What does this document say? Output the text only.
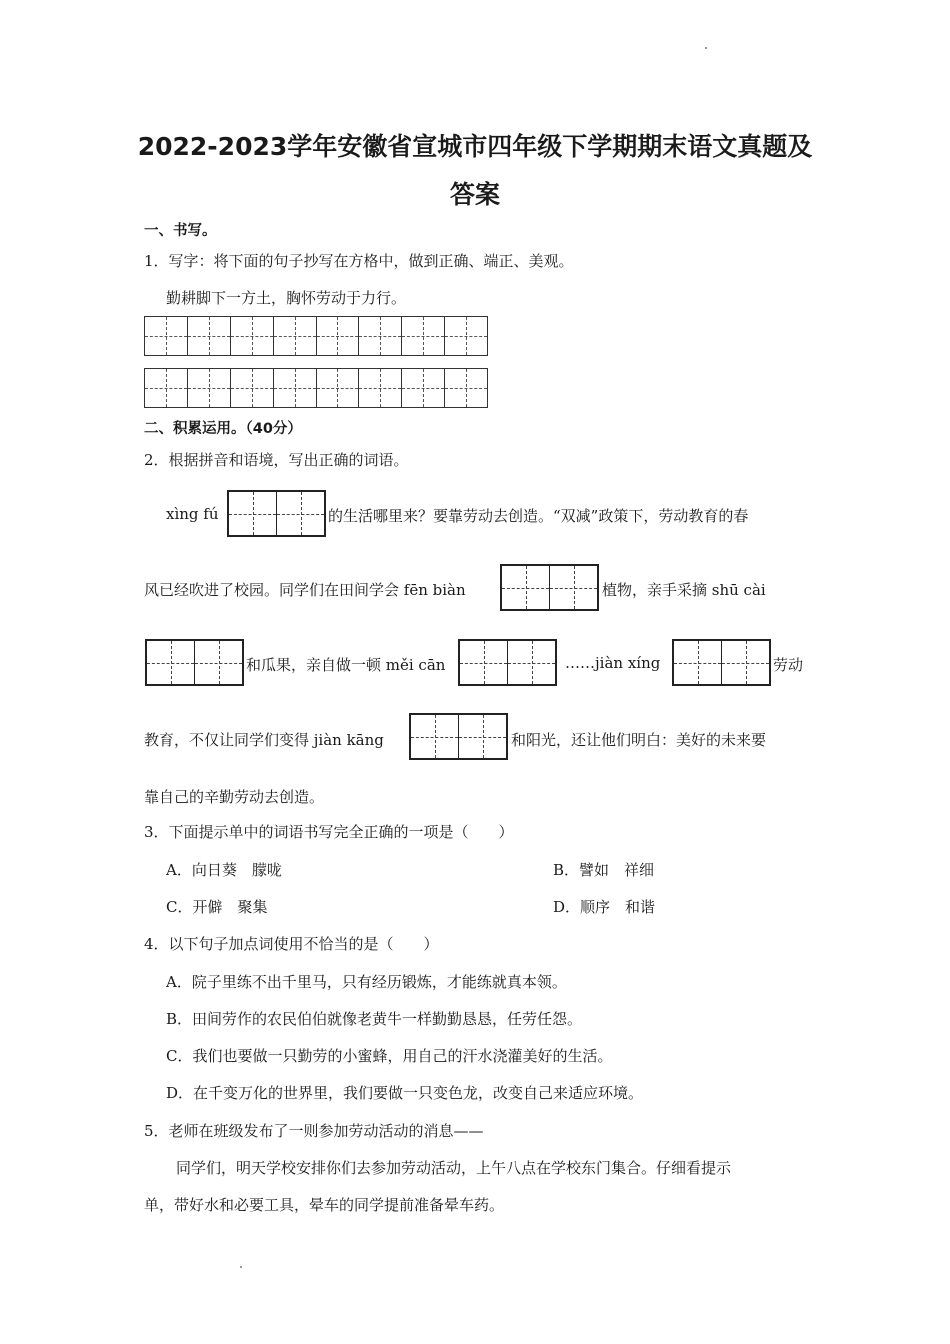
2022-2023学年安徽省宣城市四年级下学期期末语文真题及
答案
一、书写。
1．写字：将下面的句子抄写在方格中，做到正确、端正、美观。
勤耕脚下一方土，胸怀劳动于力行。
二、积累运用。（40分）
2．根据拼音和语境，写出正确的词语。
xìng fú	的生活哪里来？要靠劳动去创造。“双减”政策下，劳动教育的春
风已经吹进了校园。同学们在田间学会 fēn biàn	植物，亲手采摘 shū cài
和瓜果，亲自做一顿 měi cān	……jiàn xíng	劳动
教育，不仅让同学们变得 jiàn kāng	和阳光，还让他们明白：美好的未来要
靠自己的辛勤劳动去创造。
3．下面提示单中的词语书写完全正确的一项是（　　）
A．向日葵　朦咙	B．譬如　祥细
C．开僻　聚集	D．顺序　和谐
4．以下句子加点词使用不恰当的是（　　）
A．院子里练不出千里马，只有经历锻炼，才能练就真本领。
B．田间劳作的农民伯伯就像老黄牛一样勤勤恳恳，任劳任怨。
C．我们也要做一只勤劳的小蜜蜂，用自己的汗水浇灌美好的生活。
D．在千变万化的世界里，我们要做一只变色龙，改变自己来适应环境。
5．老师在班级发布了一则参加劳动活动的消息——
同学们，明天学校安排你们去参加劳动活动，上午八点在学校东门集合。仔细看提示
单，带好水和必要工具，晕车的同学提前准备晕车药。
